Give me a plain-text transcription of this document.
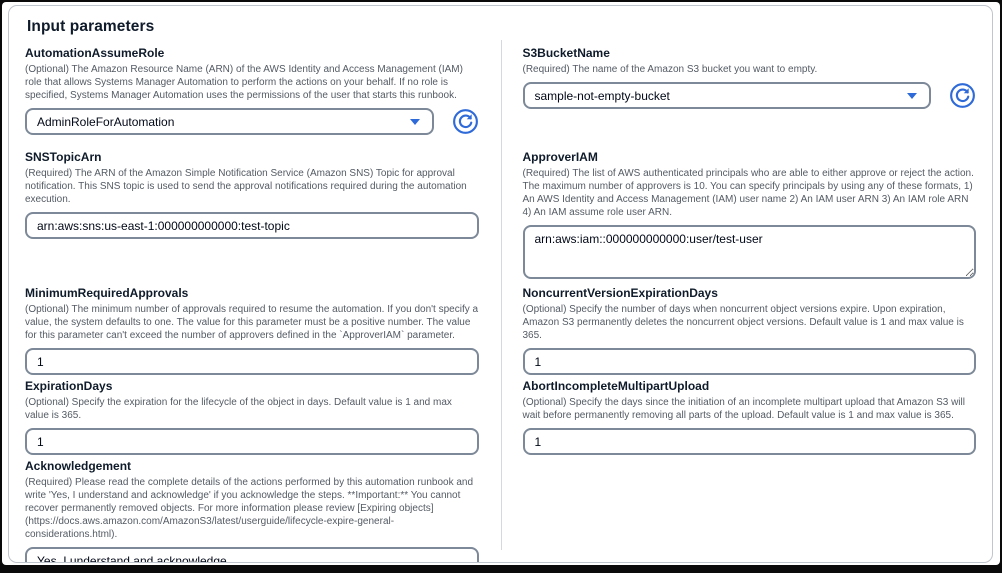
Input parameters
AutomationAssumeRole
(Optional) The Amazon Resource Name (ARN) of the AWS Identity and Access Management (IAM) role that allows Systems Manager Automation to perform the actions on your behalf. If no role is specified, Systems Manager Automation uses the permissions of the user that starts this runbook.
AdminRoleForAutomation
S3BucketName
(Required) The name of the Amazon S3 bucket you want to empty.
sample-not-empty-bucket
SNSTopicArn
(Required) The ARN of the Amazon Simple Notification Service (Amazon SNS) Topic for approval notification. This SNS topic is used to send the approval notifications required during the automation execution.
arn:aws:sns:us-east-1:000000000000:test-topic
ApproverIAM
(Required) The list of AWS authenticated principals who are able to either approve or reject the action. The maximum number of approvers is 10. You can specify principals by using any of these formats, 1) An AWS Identity and Access Management (IAM) user name 2) An IAM user ARN 3) An IAM role ARN 4) An IAM assume role user ARN.
arn:aws:iam::000000000000:user/test-user
MinimumRequiredApprovals
(Optional) The minimum number of approvals required to resume the automation. If you don't specify a value, the system defaults to one. The value for this parameter must be a positive number. The value for this parameter can't exceed the number of approvers defined in the `ApproverIAM` parameter.
1
NoncurrentVersionExpirationDays
(Optional) Specify the number of days when noncurrent object versions expire. Upon expiration, Amazon S3 permanently deletes the noncurrent object versions. Default value is 1 and max value is 365.
1
ExpirationDays
(Optional) Specify the expiration for the lifecycle of the object in days. Default value is 1 and max value is 365.
1
AbortIncompleteMultipartUpload
(Optional) Specify the days since the initiation of an incomplete multipart upload that Amazon S3 will wait before permanently removing all parts of the upload. Default value is 1 and max value is 365.
1
Acknowledgement
(Required) Please read the complete details of the actions performed by this automation runbook and write 'Yes, I understand and acknowledge' if you acknowledge the steps. **Important:** You cannot recover permanently removed objects. For more information please review [Expiring objects] (https://docs.aws.amazon.com/AmazonS3/latest/userguide/lifecycle-expire-general-considerations.html).
Yes, I understand and acknowledge
